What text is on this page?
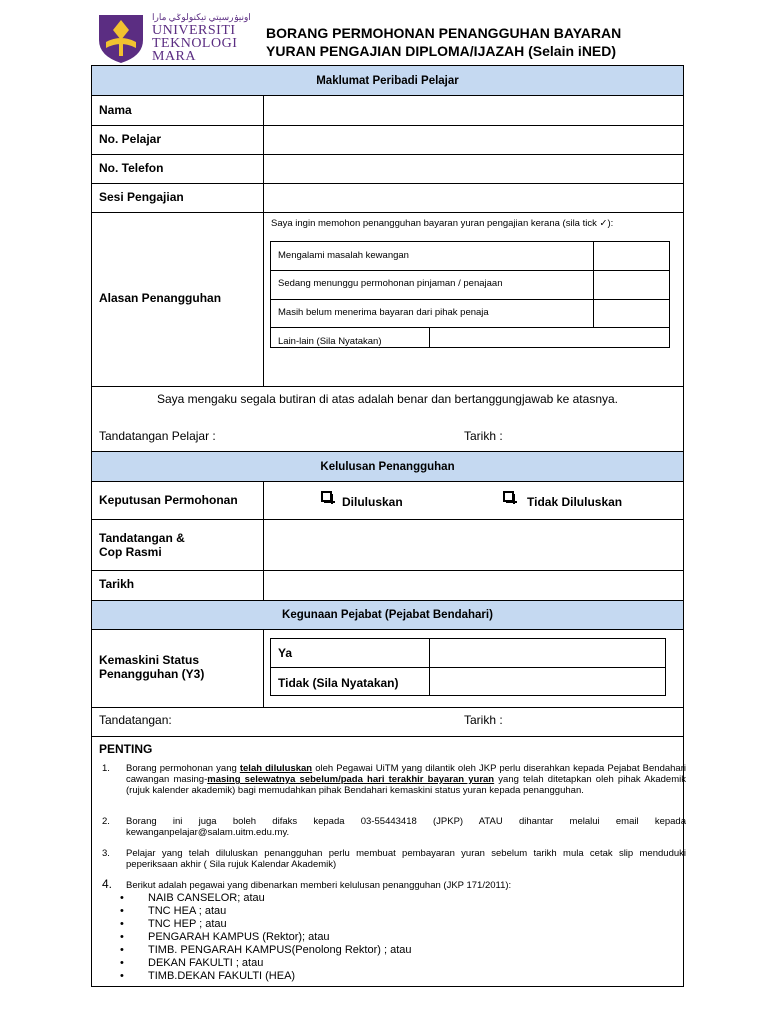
اونيۏرسيتي تيكنولوݢي مارا
UNIVERSITI
TEKNOLOGI
MARA
BORANG PERMOHONAN PENANGGUHAN BAYARAN
YURAN PENGAJIAN DIPLOMA/IJAZAH (Selain iNED)
Maklumat Peribadi Pelajar
Nama
No. Pelajar
No. Telefon
Sesi Pengajian
Alasan Penangguhan
Saya ingin memohon penangguhan bayaran yuran pengajian kerana (sila tick ✓):
Mengalami masalah kewangan
Sedang menunggu permohonan pinjaman / penajaan
Masih belum menerima bayaran dari pihak penaja
Lain-lain (Sila Nyatakan)
Saya mengaku segala butiran di atas adalah benar dan bertanggungjawab ke atasnya.
Tandatangan Pelajar :	Tarikh :
Kelulusan Penangguhan
Keputusan Permohonan	Diluluskan	Tidak Diluluskan
Tandatangan &
Cop Rasmi
Tarikh
Kegunaan Pejabat (Pejabat Bendahari)
Kemaskini Status
Penangguhan (Y3)
Ya
Tidak (Sila Nyatakan)
Tandatangan:	Tarikh :
PENTING
1. Borang permohonan yang telah diluluskan oleh Pegawai UiTM yang dilantik oleh JKP perlu diserahkan kepada Pejabat Bendahari cawangan masing-masing selewatnya sebelum/pada hari terakhir bayaran yuran yang telah ditetapkan oleh pihak Akademik (rujuk kalender akademik) bagi memudahkan pihak Bendahari kemaskini status yuran kepada penangguhan.
2. Borang ini juga boleh difaks kepada 03-55443418 (JPKP) ATAU dihantar melalui email kepada kewanganpelajar@salam.uitm.edu.my.
3. Pelajar yang telah diluluskan penangguhan perlu membuat pembayaran yuran sebelum tarikh mula cetak slip menduduki peperiksaan akhir ( Sila rujuk Kalendar Akademik)
4. Berikut adalah pegawai yang dibenarkan memberi kelulusan penangguhan (JKP 171/2011):
• NAIB CANSELOR; atau
• TNC HEA ; atau
• TNC HEP ; atau
• PENGARAH KAMPUS (Rektor); atau
• TIMB. PENGARAH KAMPUS(Penolong Rektor) ; atau
• DEKAN FAKULTI ; atau
• TIMB.DEKAN FAKULTI (HEA)
